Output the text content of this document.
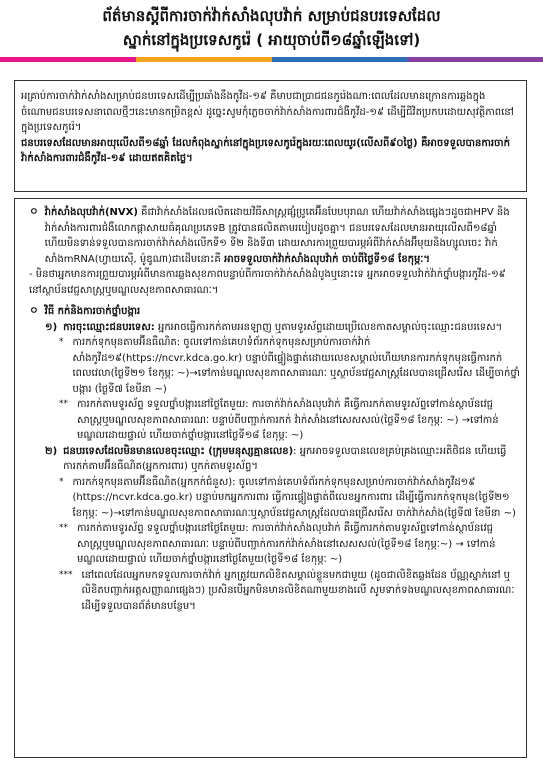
ព័ត៌មានស្តីពីការចាក់វ៉ាក់សាំងលុបវ៉ាក់ សម្រាប់ជនបរទេសដែល
ស្នាក់នៅក្នុងប្រទេសកូរ៉េ ( អាយុចាប់ពី១៨ឆ្នាំឡើងទៅ)

អគ្រាប់ការចាក់វ៉ាក់សាំងសម្រាប់ជនបរទេសដើម្បីប្រឆាំងនឹងកូវីដ-១៩ គឺមាបជាប្រាជជនកូរ៉េងណា:ពេលដែលមានក្រោនការឆ្លងក្នុងចំណោមជនបរទេសនាពេលថ្មីៗនេះមានកម្រិតខ្ពស់ ដូច្នេះសូមកុំភ្លេចចាក់វ៉ាក់សាំងការពារជំងឺកូវីដ-១៩ ដើម្បីជីវិតប្រកបដោយសុវត្ថិភាពនៅក្នុងប្រទេសកូរ៉េ។

ជនបរទេសដែលមានអាយុលើសពី១៨ឆ្នាំ ដែលកំពុងស្នាក់នៅក្នុងប្រទេសកូរ៉េក្នុងរយៈពេលយូរ(លើសពី៩០ថ្ងៃ) គឺអាចទទួលបានការចាក់វ៉ាក់សាំងការពារជំងឺកូវីដ-១៩ ដោយឥតគិតថ្លៃ។

ㅇ វ៉ាក់សាំងលុបវ៉ាក់(NVX) គឺជាវ៉ាក់សាំងដែលផលិតដោយវិធីសាស្ត្រផ្សំប្រូតេអ៊ីនបែបបុរាណ ហើយវ៉ាក់សាំងផ្សេងៗដូចជាHPV និងវ៉ាក់សាំងការពារជំងឺលោកផ្តាសាយធំគុណប្រភេទB ត្រូវបានផលិតតាមរបៀបដូចគ្នា។ ជនបរទេសដែលមានអាយុលើសពី១៨ឆ្នាំ ហើយមិនទាន់ទទួលបានការចាក់វ៉ាក់សាំងលើកទី១ ទី២ និងទី៣ ដោយសារការព្រួយបារម្ភអំពីវ៉ាក់សាំងអ៊ីមុយនិងហ្សូលចេះ វ៉ាក់សាំងmRNA(ហ្វាយស៊ើ, ម៉ូឌូណា)ជាដើមនោះគឺ អាចទទួលចាក់វ៉ាក់សាំងលុបវ៉ាក់ ចាប់ពីថ្ងៃទី១៨ ខែកុម្ភៈ។

- មិនថាអ្នកមានការព្រួយបារម្ភអំពីមានការឆ្លងសុខភាពបន្ទាប់ពីការចាក់វ៉ាក់សាំងដំបូងឬនោះទេ អ្នកអាចទទួលវ៉ាក់វ៉ាក់ថ្នាំបង្ការកូវីដ-១៩ នៅស្ថាប័នវេជ្ជសាស្ត្រឬមណ្ឌលសុខភាពសាធារណៈ។

ㅇ វិធី កក់និងការចាក់ថ្នាំបង្ការ
១) ការចុះឈ្មោះជនបរទេស: អ្នកអាចធ្វើការកក់តាមអនឡាញ ឬតាមទូរស័ព្ទដោយប្រើលេខកាតសម្គាល់ចុះឈ្មោះជនបរទេស។
* ការកក់ទុកមុនតាមអ៊ីនធឺណិត: ចូលទៅកាន់គេហទំព័រកក់ទុកមុនសម្រាប់ការចាក់វ៉ាក់សាំងកូវីដ១៩(https://ncvr.kdca.go.kr) បន្ទាប់ពីផ្ទៀងផ្ទាត់ដោយលេខសម្គាល់ហើយមានការកក់ទុកមុនធ្វើការកក់ពេលវេលា(ថ្ងៃទី២១ ខែកុម្ភៈ ~)→ទៅកាន់មណ្ឌលសុខភាពសាធារណៈ ឬស្ថាប័នវេជ្ជសាស្ត្រដែលបានជ្រើសរើស ដើម្បីចាក់ថ្នាំបង្ការ (ថ្ងៃទី៧ ខែមីនា ~)
** ការកក់តាមទូរស័ព្ទ ទទួលថ្នាំបង្ការនៅថ្ងៃតែមួយ: ការចាក់វ៉ាក់សាំងលុបវ៉ាក់ គឺធ្វើការកក់តាមទូរស័ព្ទទៅកាន់ស្ថាប័នវេជ្ជសាស្ត្រឬមណ្ឌលសុខភាពសាធារណៈ បន្ទាប់ពីបញ្ជាក់ការកក់ វ៉ាក់សាំងនៅសេសសល់(ថ្ងៃទី១៨ ខែកុម្ភៈ ~) →ទៅកាន់មណ្ឌលដោយផ្ទាល់ ហើយចាក់ថ្នាំបង្ការនៅថ្ងៃទី១៨ ខែកុម្ភៈ ~)
២) ជនបរទេសដែលមិនមានលេខចុះឈ្មោះ (ក្រុមមនុស្សគ្មានលេខ): អ្នកអាចទទួលបានលេខគ្រប់គ្រងឈ្មោះអតិថិជន ហើយធ្វើការកក់តាមអ៊ីនធឺណិត(អ្នកការពារ) ឬកក់តាមទូរស័ព្ទ។
* ការកក់ទុកមុនតាមអ៊ីនធឺណិត(អ្នកកក់ជំនួស): ចូលទៅកាន់គេហទំព័រកក់ទុកមុនសម្រាប់ការចាក់វ៉ាក់សាំងកូវីដ១៩ (https://ncvr.kdca.go.kr) បន្ទាប់មកអ្នកការពារ ធ្វើការផ្ទៀងផ្ទាត់ពីលេខអ្នកការពារ ដើម្បីធ្វើការកក់ទុកមុន(ថ្ងៃទី២១ ខែកុម្ភៈ ~)→ទៅកាន់មណ្ឌលសុខភាពសាធារណៈឬស្ថាប័នវេជ្ជសាស្ត្រដែលបានជ្រើសរើស ចាក់វ៉ាក់សាំង(ថ្ងៃទី៧ ខែមីនា ~)
** ការកក់តាមទូរស័ព្ទ ទទួលថ្នាំបង្ការនៅថ្ងៃតែមួយ: ការចាក់វ៉ាក់សាំងលុបវ៉ាក់ គឺធ្វើការកក់តាមទូរស័ព្ទទៅកាន់ស្ថាប័នវេជ្ជសាស្ត្រឬមណ្ឌលសុខភាពសាធារណៈ បន្ទាប់ពីបញ្ជាក់ការកក់វ៉ាក់សាំងនៅសេសសល់(ថ្ងៃទី១៨ ខែកុម្ភៈ~) → ទៅកាន់មណ្ឌលដោយផ្ទាល់ ហើយចាក់ថ្នាំបង្ការនៅថ្ងៃតែមួយ(ថ្ងៃទី១៨ ខែកុម្ភៈ ~)
*** នៅពេលដែលអ្នកមកទទួលការចាក់វ៉ាក់ អ្នកត្រូវយកលិខិតសម្គាល់ខ្លួនមកជាមួយ (ដូចជាលិខិតឆ្លងដែន ប័ណ្ណស្នាក់នៅ ឬលិខិតបញ្ជាក់អត្តសញ្ញាណផ្សេងៗ) ប្រសិនបើអ្នកមិនមានលិខិតណាមួយខាងលើ សូមទាក់ទងមណ្ឌលសុខភាពសាធារណៈ ដើម្បីទទួលបានព័ត៌មានបន្ថែម។
